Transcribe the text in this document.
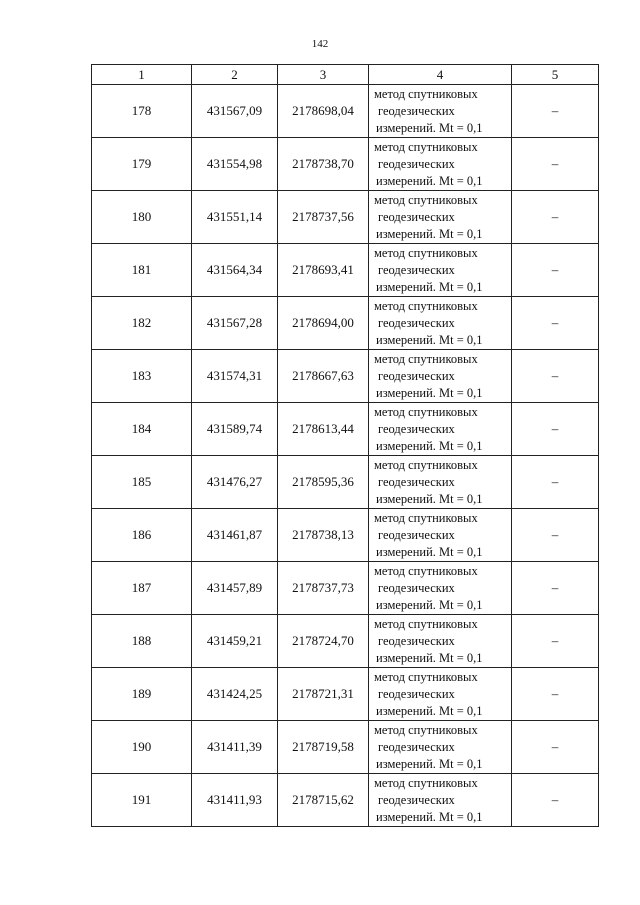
142
1	2	3	4	5
178	431567,09	2178698,04	метод спутниковых
геодезических
измерений. Mt = 0,1	–
179	431554,98	2178738,70	метод спутниковых
геодезических
измерений. Mt = 0,1	–
180	431551,14	2178737,56	метод спутниковых
геодезических
измерений. Mt = 0,1	–
181	431564,34	2178693,41	метод спутниковых
геодезических
измерений. Mt = 0,1	–
182	431567,28	2178694,00	метод спутниковых
геодезических
измерений. Mt = 0,1	–
183	431574,31	2178667,63	метод спутниковых
геодезических
измерений. Mt = 0,1	–
184	431589,74	2178613,44	метод спутниковых
геодезических
измерений. Mt = 0,1	–
185	431476,27	2178595,36	метод спутниковых
геодезических
измерений. Mt = 0,1	–
186	431461,87	2178738,13	метод спутниковых
геодезических
измерений. Mt = 0,1	–
187	431457,89	2178737,73	метод спутниковых
геодезических
измерений. Mt = 0,1	–
188	431459,21	2178724,70	метод спутниковых
геодезических
измерений. Mt = 0,1	–
189	431424,25	2178721,31	метод спутниковых
геодезических
измерений. Mt = 0,1	–
190	431411,39	2178719,58	метод спутниковых
геодезических
измерений. Mt = 0,1	–
191	431411,93	2178715,62	метод спутниковых
геодезических
измерений. Mt = 0,1	–
